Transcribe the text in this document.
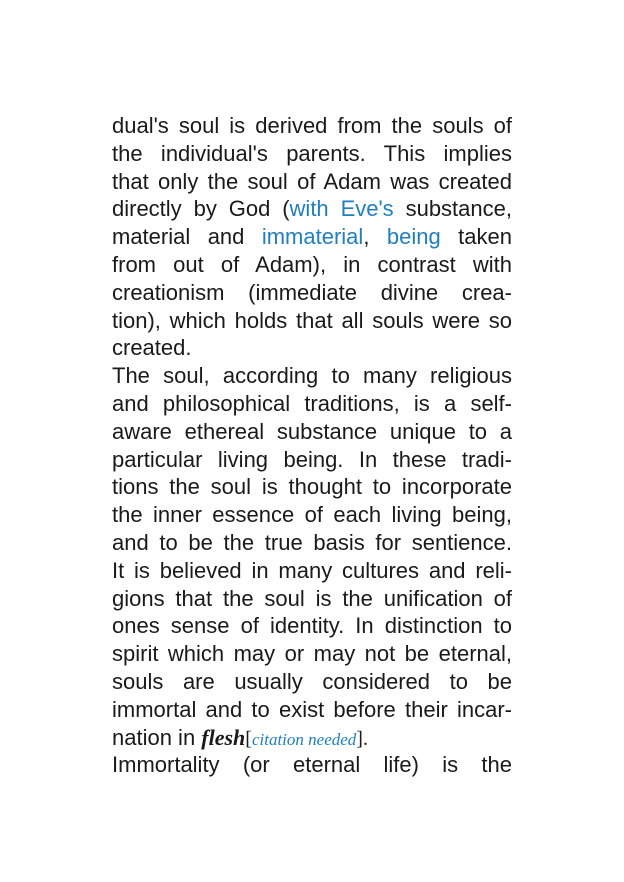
dual's soul is derived from the souls of
the individual's parents. This implies
that only the soul of Adam was created
directly by God (with Eve's substance,
material and immaterial, being taken
from out of Adam), in contrast with
creationism (immediate divine crea-
tion), which holds that all souls were so
created.
The soul, according to many religious
and philosophical traditions, is a self-
aware ethereal substance unique to a
particular living being. In these tradi-
tions the soul is thought to incorporate
the inner essence of each living being,
and to be the true basis for sentience.
It is believed in many cultures and reli-
gions that the soul is the unification of
ones sense of identity. In distinction to
spirit which may or may not be eternal,
souls are usually considered to be
immortal and to exist before their incar-
nation in flesh[citation needed].
Immortality (or eternal life) is the
